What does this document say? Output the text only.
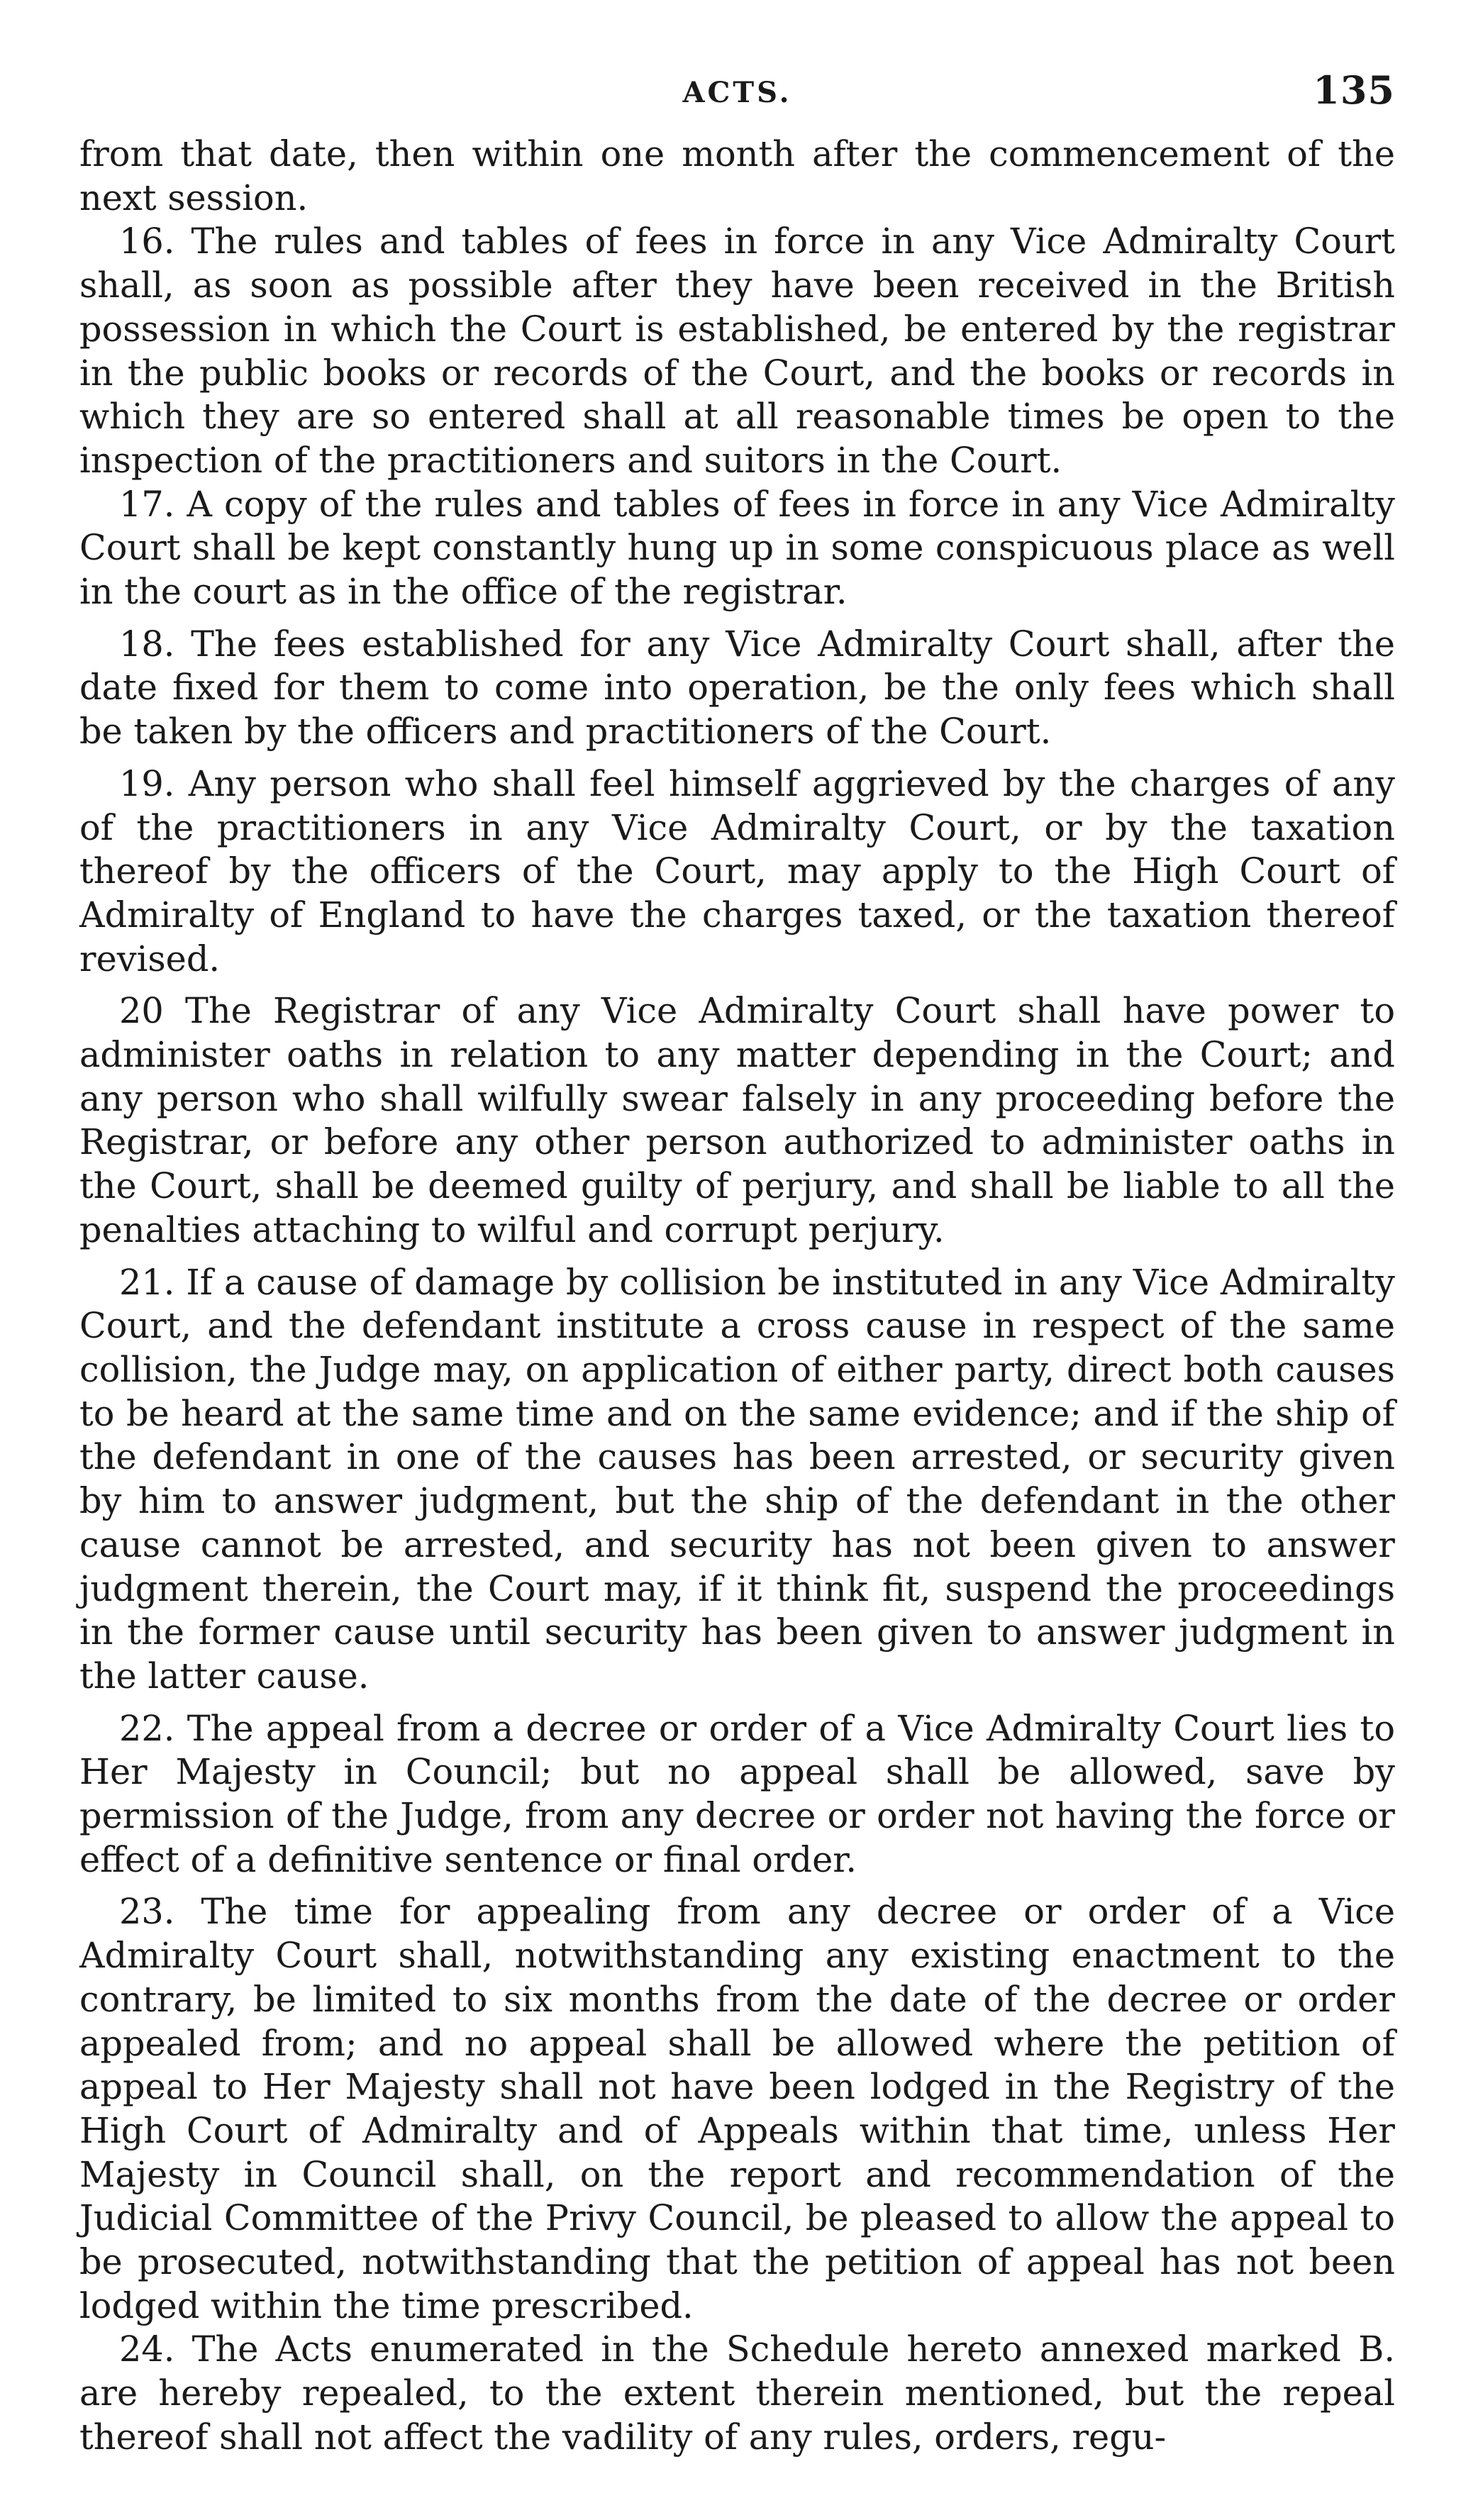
ACTS.	135

from that date, then within one month after the commencement of the next session.

16. The rules and tables of fees in force in any Vice Admiralty Court shall, as soon as possible after they have been received in the British possession in which the Court is established, be entered by the registrar in the public books or records of the Court, and the books or records in which they are so entered shall at all reasonable times be open to the inspection of the practitioners and suitors in the Court.

17. A copy of the rules and tables of fees in force in any Vice Admiralty Court shall be kept constantly hung up in some conspicuous place as well in the court as in the office of the registrar.

18. The fees established for any Vice Admiralty Court shall, after the date fixed for them to come into operation, be the only fees which shall be taken by the officers and practitioners of the Court.

19. Any person who shall feel himself aggrieved by the charges of any of the practitioners in any Vice Admiralty Court, or by the taxation thereof by the officers of the Court, may apply to the High Court of Admiralty of England to have the charges taxed, or the taxation thereof revised.

20 The Registrar of any Vice Admiralty Court shall have power to administer oaths in relation to any matter depending in the Court; and any person who shall wilfully swear falsely in any proceeding before the Registrar, or before any other person authorized to administer oaths in the Court, shall be deemed guilty of perjury, and shall be liable to all the penalties attaching to wilful and corrupt perjury.

21. If a cause of damage by collision be instituted in any Vice Admiralty Court, and the defendant institute a cross cause in respect of the same collision, the Judge may, on application of either party, direct both causes to be heard at the same time and on the same evidence; and if the ship of the defendant in one of the causes has been arrested, or security given by him to answer judgment, but the ship of the defendant in the other cause cannot be arrested, and security has not been given to answer judgment therein, the Court may, if it think fit, suspend the proceedings in the former cause until security has been given to answer judgment in the latter cause.

22. The appeal from a decree or order of a Vice Admiralty Court lies to Her Majesty in Council; but no appeal shall be allowed, save by permission of the Judge, from any decree or order not having the force or effect of a definitive sentence or final order.

23. The time for appealing from any decree or order of a Vice Admiralty Court shall, notwithstanding any existing enactment to the contrary, be limited to six months from the date of the decree or order appealed from; and no appeal shall be allowed where the petition of appeal to Her Majesty shall not have been lodged in the Registry of the High Court of Admiralty and of Appeals within that time, unless Her Majesty in Council shall, on the report and recommendation of the Judicial Committee of the Privy Council, be pleased to allow the appeal to be prosecuted, notwithstanding that the petition of appeal has not been lodged within the time prescribed.

24. The Acts enumerated in the Schedule hereto annexed marked B. are hereby repealed, to the extent therein mentioned, but the repeal thereof shall not affect the vadility of any rules, orders, regu-
